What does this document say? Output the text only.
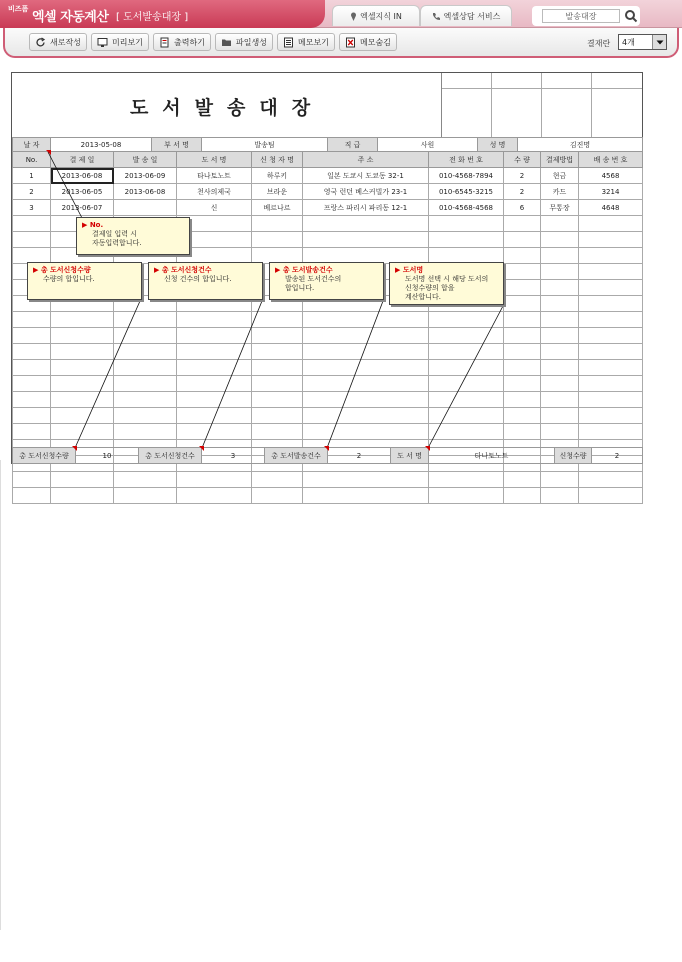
비즈폼
엑셀 자동계산 [ 도서발송대장 ]	엑셀지식 IN	엑셀상담 서비스
발송대장
새로작성	미리보기	출력하기	파일생성	메모보기	메모숨김	결재란 4개
도서발송대장
날 자	2013-05-08	부 서 명	발송팀	직 급	사원	성 명	김진명
No.	결 제 일	발 송 일	도 서 명	신 청 자 명	주 소	전 화 번 호	수 량	결제방법	배 송 번 호
1	2013-06-08	2013-06-09	타나토노트	하루키	일본 도쿄시 도쿄동 32-1	010-4568-7894	2	현금	4568
2	2013-06-05	2013-06-08	천사의제국	브라운	영국 런던 베스커빌가 23-1	010-6545-3215	2	카드	3214
3	2013-06-07		신	베르나르	프랑스 파리시 파리동 12-1	010-4568-4568	6	무통장	4648

총 도서신청수량	10	총 도서신청건수	3	총 도서발송건수	2	도 서 명	타나토노트	신청수량	2
▶ No.
결제일 입력 시
자동입력합니다.
▶ 총 도서신청수량
수량의 합입니다.
▶ 총 도서신청건수
신청 건수의 합입니다.
▶ 총 도서발송건수
발송된 도서건수의
합입니다.
▶ 도서명
도서명 선택 시 해당 도서의
신청수량의 합을
계산합니다.
